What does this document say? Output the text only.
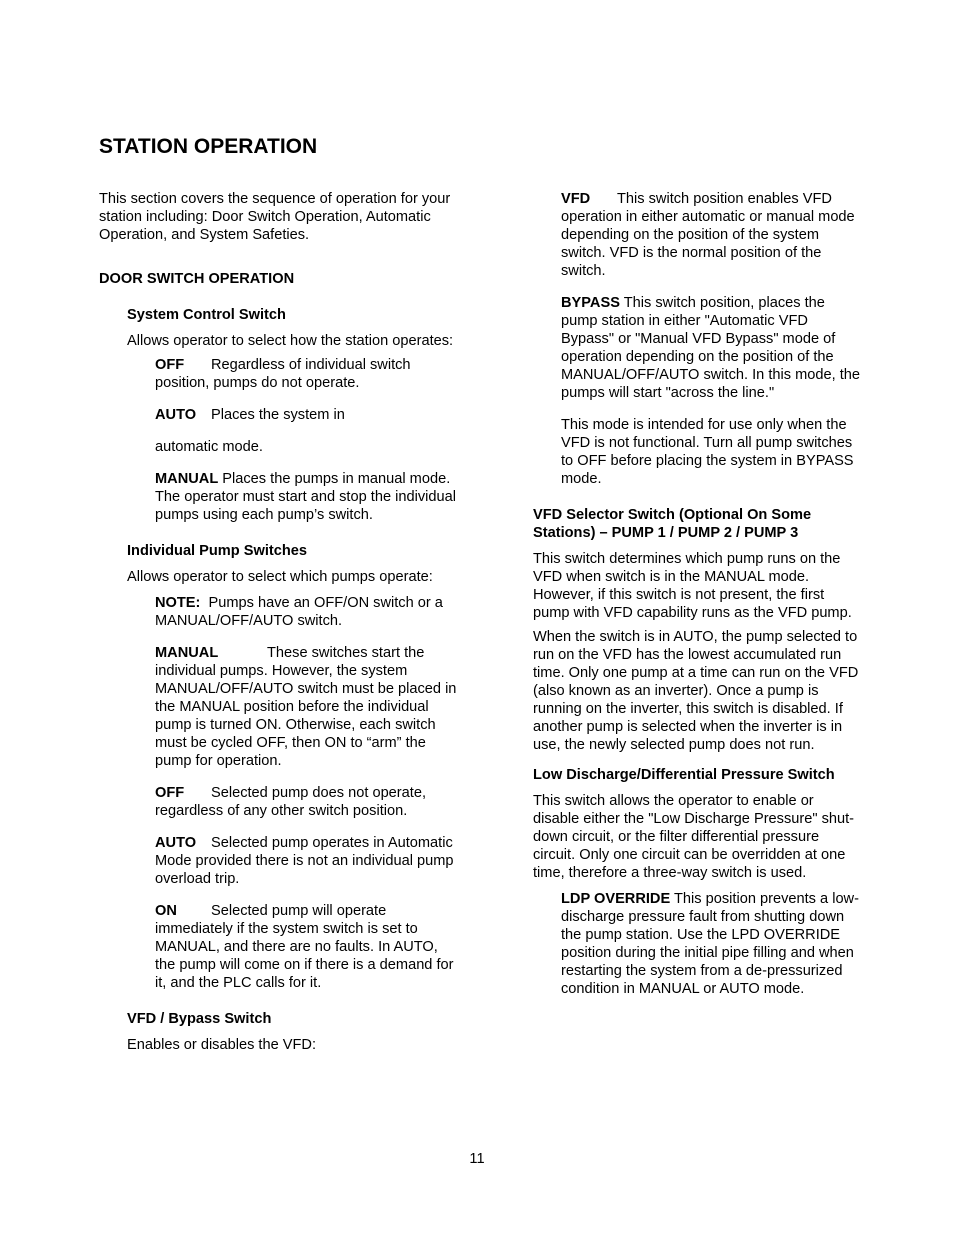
STATION OPERATION

This section covers the sequence of operation for your station including: Door Switch Operation, Automatic Operation, and System Safeties.

DOOR SWITCH OPERATION

System Control Switch

Allows operator to select how the station operates:

OFF Regardless of individual switch position, pumps do not operate.

AUTO Places the system in

automatic mode.

MANUAL Places the pumps in manual mode. The operator must start and stop the individual pumps using each pump’s switch.

Individual Pump Switches

Allows operator to select which pumps operate:

NOTE: Pumps have an OFF/ON switch or a MANUAL/OFF/AUTO switch.

MANUAL	These switches start the individual pumps. However, the system MANUAL/OFF/AUTO switch must be placed in the MANUAL position before the individual pump is turned ON. Otherwise, each switch must be cycled OFF, then ON to “arm” the pump for operation.

OFF Selected pump does not operate, regardless of any other switch position.

AUTO Selected pump operates in Automatic Mode provided there is not an individual pump overload trip.

ON Selected pump will operate immediately if the system switch is set to MANUAL, and there are no faults. In AUTO, the pump will come on if there is a demand for it, and the PLC calls for it.

VFD / Bypass Switch

Enables or disables the VFD:

VFD This switch position enables VFD operation in either automatic or manual mode depending on the position of the system switch. VFD is the normal position of the switch.

BYPASS This switch position, places the pump station in either "Automatic VFD Bypass" or "Manual VFD Bypass" mode of operation depending on the position of the MANUAL/OFF/AUTO switch. In this mode, the pumps will start "across the line."

This mode is intended for use only when the VFD is not functional. Turn all pump switches to OFF before placing the system in BYPASS mode.

VFD Selector Switch (Optional On Some Stations) – PUMP 1 / PUMP 2 / PUMP 3

This switch determines which pump runs on the VFD when switch is in the MANUAL mode. However, if this switch is not present, the first pump with VFD capability runs as the VFD pump.

When the switch is in AUTO, the pump selected to run on the VFD has the lowest accumulated run time. Only one pump at a time can run on the VFD (also known as an inverter). Once a pump is running on the inverter, this switch is disabled. If another pump is selected when the inverter is in use, the newly selected pump does not run.

Low Discharge/Differential Pressure Switch

This switch allows the operator to enable or disable either the "Low Discharge Pressure" shut-down circuit, or the filter differential pressure circuit. Only one circuit can be overridden at one time, therefore a three-way switch is used.

LDP OVERRIDE This position prevents a low-discharge pressure fault from shutting down the pump station. Use the LPD OVERRIDE position during the initial pipe filling and when restarting the system from a de-pressurized condition in MANUAL or AUTO mode.

11
